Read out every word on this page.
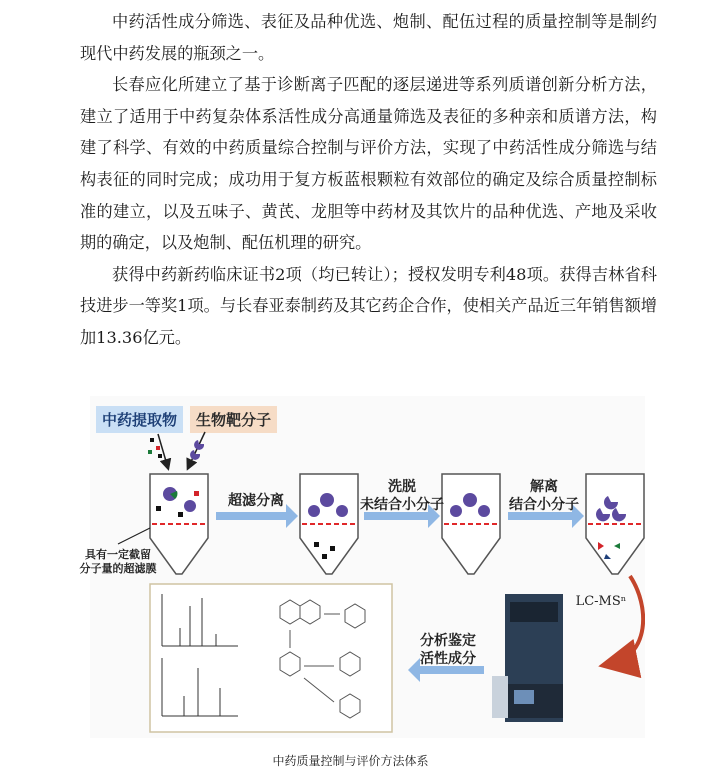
中药活性成分筛选、表征及品种优选、炮制、配伍过程的质量控制等是制约现代中药发展的瓶颈之一。

长春应化所建立了基于诊断离子匹配的逐层递进等系列质谱创新分析方法，建立了适用于中药复杂体系活性成分高通量筛选及表征的多种亲和质谱方法，构建了科学、有效的中药质量综合控制与评价方法，实现了中药活性成分筛选与结构表征的同时完成；成功用于复方板蓝根颗粒有效部位的确定及综合质量控制标准的建立，以及五味子、黄芪、龙胆等中药材及其饮片的品种优选、产地及采收期的确定，以及炮制、配伍机理的研究。

获得中药新药临床证书2项（均已转让）；授权发明专利48项。获得吉林省科技进步一等奖1项。与长春亚泰制药及其它药企合作，使相关产品近三年销售额增加13.36亿元。

中药提取物	生物靶分子
超滤分离
洗脱
未结合小分子
解离
结合小分子
具有一定截留
分子量的超滤膜
LC-MSⁿ
分析鉴定
活性成分
中药质量控制与评价方法体系
